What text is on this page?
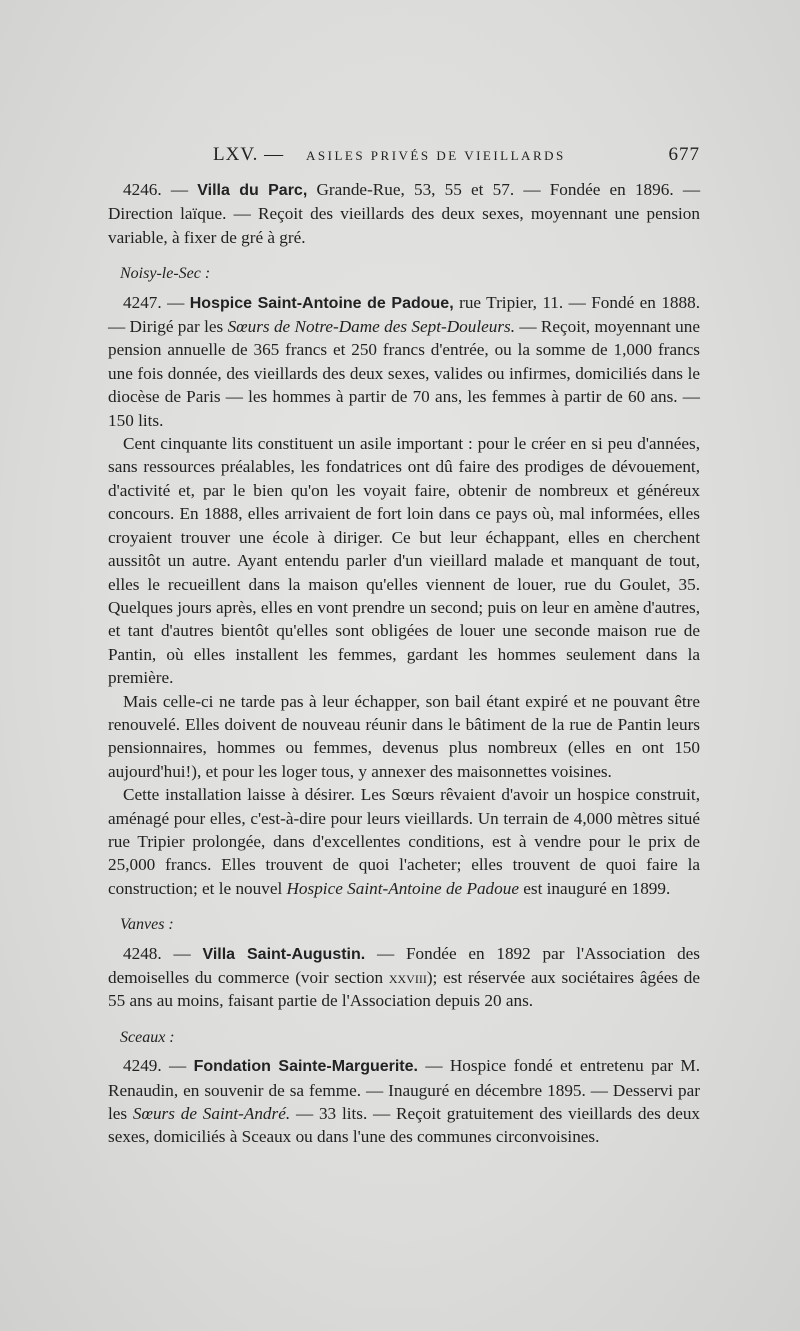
LXV. — ASILES PRIVÉS DE VIEILLARDS	677

4246. — Villa du Parc, Grande-Rue, 53, 55 et 57. — Fondée en 1896. — Direction laïque. — Reçoit des vieillards des deux sexes, moyennant une pension variable, à fixer de gré à gré.

Noisy-le-Sec :

4247. — Hospice Saint-Antoine de Padoue, rue Tripier, 11. — Fondé en 1888. — Dirigé par les Sœurs de Notre-Dame des Sept-Douleurs. — Reçoit, moyennant une pension annuelle de 365 francs et 250 francs d'entrée, ou la somme de 1,000 francs une fois donnée, des vieillards des deux sexes, valides ou infirmes, domiciliés dans le diocèse de Paris — les hommes à partir de 70 ans, les femmes à partir de 60 ans. — 150 lits.

Cent cinquante lits constituent un asile important : pour le créer en si peu d'années, sans ressources préalables, les fondatrices ont dû faire des prodiges de dévouement, d'activité et, par le bien qu'on les voyait faire, obtenir de nombreux et généreux concours. En 1888, elles arrivaient de fort loin dans ce pays où, mal informées, elles croyaient trouver une école à diriger. Ce but leur échappant, elles en cherchent aussitôt un autre. Ayant entendu parler d'un vieillard malade et manquant de tout, elles le recueillent dans la maison qu'elles viennent de louer, rue du Goulet, 35. Quelques jours après, elles en vont prendre un second; puis on leur en amène d'autres, et tant d'autres bientôt qu'elles sont obligées de louer une seconde maison rue de Pantin, où elles installent les femmes, gardant les hommes seulement dans la première.

Mais celle-ci ne tarde pas à leur échapper, son bail étant expiré et ne pouvant être renouvelé. Elles doivent de nouveau réunir dans le bâtiment de la rue de Pantin leurs pensionnaires, hommes ou femmes, devenus plus nombreux (elles en ont 150 aujourd'hui!), et pour les loger tous, y annexer des maisonnettes voisines.

Cette installation laisse à désirer. Les Sœurs rêvaient d'avoir un hospice construit, aménagé pour elles, c'est-à-dire pour leurs vieillards. Un terrain de 4,000 mètres situé rue Tripier prolongée, dans d'excellentes conditions, est à vendre pour le prix de 25,000 francs. Elles trouvent de quoi l'acheter; elles trouvent de quoi faire la construction; et le nouvel Hospice Saint-Antoine de Padoue est inauguré en 1899.

Vanves :

4248. — Villa Saint-Augustin. — Fondée en 1892 par l'Association des demoiselles du commerce (voir section xxviii); est réservée aux sociétaires âgées de 55 ans au moins, faisant partie de l'Association depuis 20 ans.

Sceaux :

4249. — Fondation Sainte-Marguerite. — Hospice fondé et entretenu par M. Renaudin, en souvenir de sa femme. — Inauguré en décembre 1895. — Desservi par les Sœurs de Saint-André. — 33 lits. — Reçoit gratuitement des vieillards des deux sexes, domiciliés à Sceaux ou dans l'une des communes circonvoisines.
